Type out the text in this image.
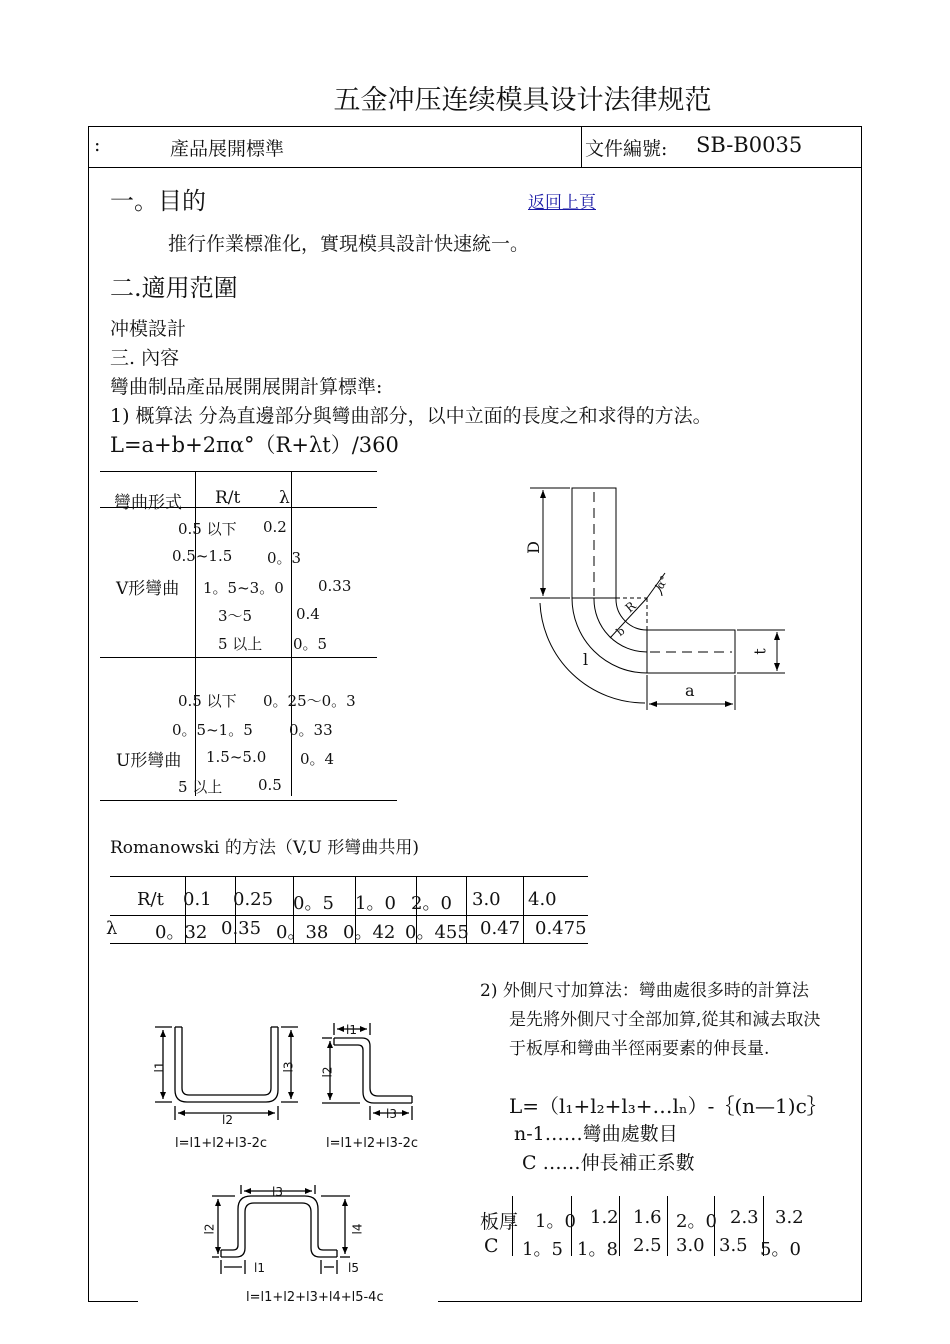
五金冲压连续模具设计法律规范
:	產品展開標準	文件編號: SB-B0035
一。目的	返回上頁
推行作業標准化，實現模具設計快速統一。
二.適用范圍
冲模設計
三. 內容
彎曲制品產品展開展開計算標準:
1) 概算法 分為直邊部分與彎曲部分，以中立面的長度之和求得的方法。
L=a+b+2πα°（R+λt）/360
彎曲形式 R/t λ
V形彎曲
0.5 以下 0.2
0.5~1.5 0。3
1。5~3。0 0.33
3～5	0.4
5 以上 0。5
U形彎曲
0.5 以下 0。25～0。3
0。5~1。5 0。33
1.5~5.0 0。4
5 以上 0.5
D
α°
R
b
l	t
a
Romanowski 的方法（V,U 形彎曲共用)
R/t 0.1 0.25 0。5 1。0 2。0 3.0 4.0
λ 0。32 0.35 0。38 0。42 0。455 0.47 0.475
2) 外側尺寸加算法：彎曲處很多時的計算法
是先將外側尺寸全部加算,從其和減去取決
于板厚和彎曲半徑兩要素的伸長量.
L=（l₁+l₂+l₃+…lₙ）-｛(n—1)c｝
n-1……彎曲處數目
C ……伸長補正系數
板厚 1。0 1.2 1.6 2。0 2.3 3.2
C 1。5 1。8 2.5 3.0 3.5 5。0
l1	l3
l2
l=l1+l2+l3-2c
l1
l2
l3
l=l1+l2+l3-2c
l3
l2	l4
l1	l5
l=l1+l2+l3+l4+l5-4c
